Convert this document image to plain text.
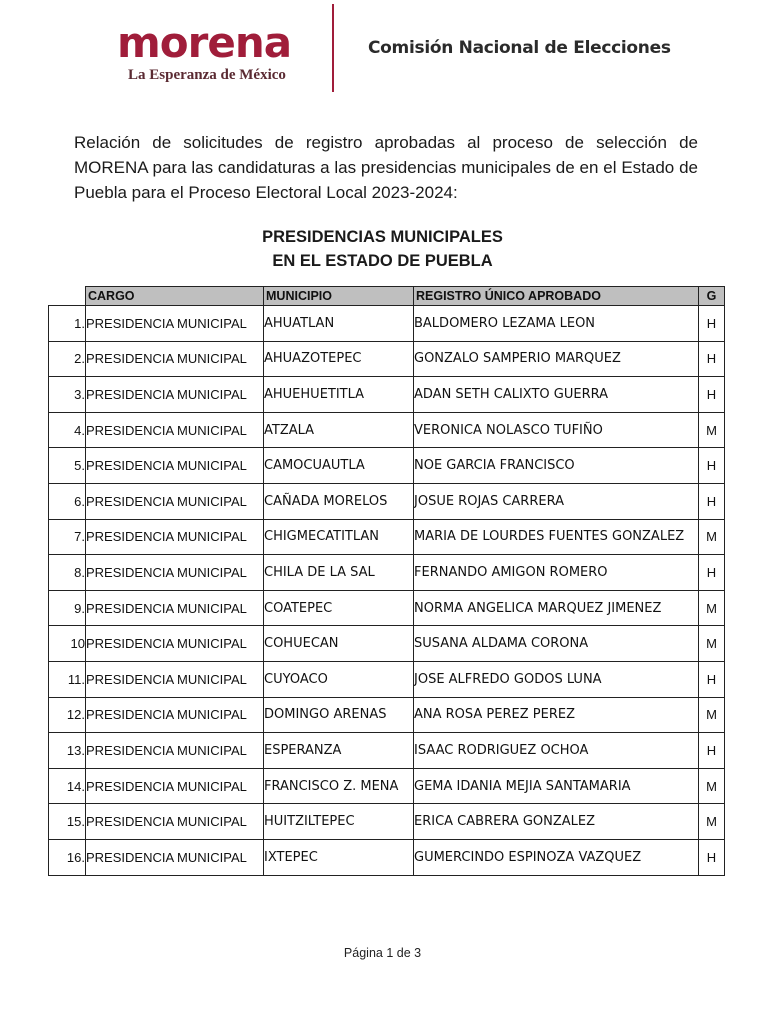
morena
La Esperanza de México
Comisión Nacional de Elecciones
Relación de solicitudes de registro aprobadas al proceso de selección de MORENA para las candidaturas a las presidencias municipales de en el Estado de Puebla para el Proceso Electoral Local 2023-2024:
PRESIDENCIAS MUNICIPALES
EN EL ESTADO DE PUEBLA
	CARGO	MUNICIPIO	REGISTRO ÚNICO APROBADO	G
1.	PRESIDENCIA MUNICIPAL	AHUATLAN	BALDOMERO LEZAMA LEON	H
2.	PRESIDENCIA MUNICIPAL	AHUAZOTEPEC	GONZALO SAMPERIO MARQUEZ	H
3.	PRESIDENCIA MUNICIPAL	AHUEHUETITLA	ADAN SETH CALIXTO GUERRA	H
4.	PRESIDENCIA MUNICIPAL	ATZALA	VERONICA NOLASCO TUFIÑO	M
5.	PRESIDENCIA MUNICIPAL	CAMOCUAUTLA	NOE GARCIA FRANCISCO	H
6.	PRESIDENCIA MUNICIPAL	CAÑADA MORELOS	JOSUE ROJAS CARRERA	H
7.	PRESIDENCIA MUNICIPAL	CHIGMECATITLAN	MARIA DE LOURDES FUENTES GONZALEZ	M
8.	PRESIDENCIA MUNICIPAL	CHILA DE LA SAL	FERNANDO AMIGON ROMERO	H
9.	PRESIDENCIA MUNICIPAL	COATEPEC	NORMA ANGELICA MARQUEZ JIMENEZ	M
10	PRESIDENCIA MUNICIPAL	COHUECAN	SUSANA ALDAMA CORONA	M
11.	PRESIDENCIA MUNICIPAL	CUYOACO	JOSE ALFREDO GODOS LUNA	H
12.	PRESIDENCIA MUNICIPAL	DOMINGO ARENAS	ANA ROSA PEREZ PEREZ	M
13.	PRESIDENCIA MUNICIPAL	ESPERANZA	ISAAC RODRIGUEZ OCHOA	H
14.	PRESIDENCIA MUNICIPAL	FRANCISCO Z. MENA	GEMA IDANIA MEJIA SANTAMARIA	M
15.	PRESIDENCIA MUNICIPAL	HUITZILTEPEC	ERICA CABRERA GONZALEZ	M
16.	PRESIDENCIA MUNICIPAL	IXTEPEC	GUMERCINDO ESPINOZA VAZQUEZ	H
Página 1 de 3
